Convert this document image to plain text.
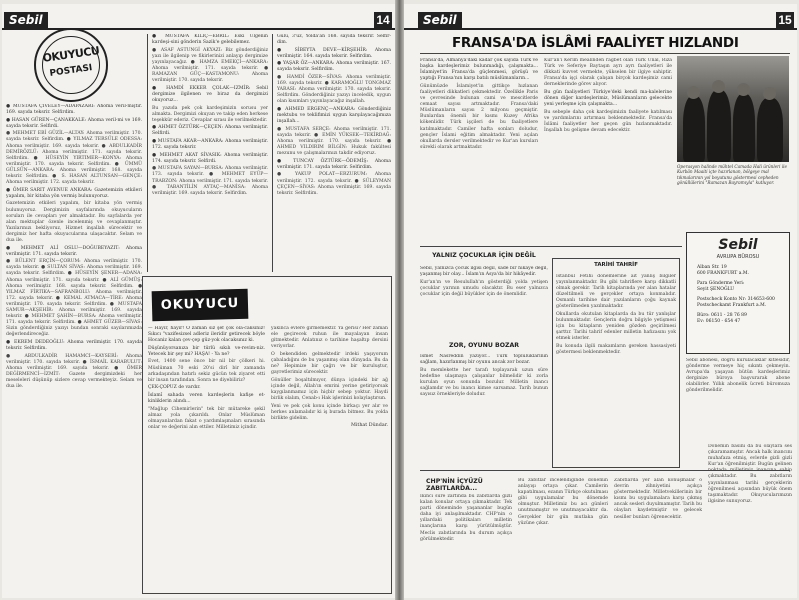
Sebil	14
OKUYUCU
POSTASI

● MUSTAFA ÇİVELEY—ADAPAZARI: Ahoma veril-miştir. 169. sayıda teksrir. Selfirdim.

● HASAN GÜREN—ÇANAKKALE: Ahoma veril-mi ve 169. sayıda teksrir. Selfirdi.

● MEHMET EBİ GÜZİL—ALTAY: Ahoma verilmiştir. 170. sayıda teksrir. Selfirdim. ● YILMAZ TERSÜLE ODESSA: Ahoma verilmiştir. 169. sayıda teksrir. ● ABDULKADİR DEMİRÖZLÜ: Ahoma verilmiştir. 171. sayıda teksrir. Selfirdim. ● HÜSEYİN YIRTIMER—KONYA: Ahoma verilmiştir. 170. sayıda teksrir. Selfirdim. ● ÜMMÜ GÜLSÜN—ANKARA: Ahoma verilmiştir. 168. sayıda teksrir. Selfirdim. ● S. HASAN ALTUNSAN—GENÇE: Ahoma verilmiştir. 172. sayıda teksrir.

● ÖMER SARIT AVENUE ANKARA: Gazetemizin etkileri yapalım, bir kitaba yön vermiş bulunuyoruz.

Gazetemizin etkileri yapalım, bir kitaba yön vermiş bulunuyoruz. Dergimizin sayfalarında okuyucuların soruları ile cevapları yer almaktadır. Bu sayfalarda yer alan mektuplar özenle incelenmiş ve cevaplanmıştır. Yazılarınızı bekliyoruz, Hizmet inşallah sürecektir ve dergimiz her hafta okuyucularına ulaşacaktır. Selam ve dua ile.

● MEHMET ALİ OSLU—DOĞUBEYAZIT: Ahoma verilmiştir. 171. sayıda teksrir.

● BÜLENT ERÇİN—ÇORUM: Ahoma verilmiştir. 170. sayıda teksrir. ● SULTAN SİVAS: Ahoma verilmiştir. 169. sayıda teksrir. Selfirdim. ● HÜSEYİN ŞENER—ADANA: Ahoma verilmiştir. 171. sayıda teksrir. ● ALİ GÜMÜŞ: Ahoma verilmiştir. 168. sayıda teksrir. Selfirdim. ● YILMAZ FİRTIKA—SAFRANBOLU: Ahoma verilmiştir. 172. sayıda teksrir. ● KEMAL ATMACA—TİRE: Ahoma verilmiştir. 170. sayıda teksrir. Selfirdim. ● MUSTAFA SAMUR—AKŞEHİR: Ahoma verilmiştir. 169. sayıda teksrir. ● MEHMET ŞAHİN—BURSA: Ahoma verilmiştir. 171. sayıda teksrir. Selfirdim. ● AHMET GÜZER—SİVAS: Sizin gönderdiğiniz yazıyı bundan sonraki sayılarımızda değerlendireceğiz.

● EKREM DEDEOĞLU: Ahoma verilmiştir. 170. sayıda teksrir. Selfirdim.

● ABDULKADİR HAMAMCI—KAYSERİ: Ahoma verilmiştir. 170. sayıda teksrir. ● İSMAİL KARABULUT: Ahoma verilmiştir. 169. sayıda teksrir. ● ÖMER DEĞİRMENCİ—İZMİT: Gazete dergimizdeki her meseleleri düşünüp sizlere cevap vermekteyiz. Selam ve dua ile.

● MUSTAFA KILIÇ—EBRİL: Eski Ülgenin kardeşi-sini gönderin Sazik'e gelebilemez.

● ASAF ASTUNGİ AKYAZI: Biz gönderdiğiniz yazı ile ilgilenip ve fikirlerinizi anlayıp dergimize yayınlayacağız. ● HAMZA EMEKÇİ—ANKARA: Ahoma verilmiştir. 171. sayıda teksrir. ● RAMAZAN GÜÇ—KASTAMONU: Ahoma verilmiştir. 170. sayıda teksrir.

● HAMDİ EKKER ÇOLAK—IZMİR: Sebil dergimize ilgilenen ve biraz da dergimizi okuyoruz...

Bu yazıda pek çok kardeşimizin sorusu yer almakta. Dergimizi okuyan ve takip eden herkese teşekkür ederiz. Cevaplar sırası ile verilmektedir.

● AHMET ÖZTÜRK—ÇEÇEN: Ahoma verilmiştir. Selfirdi.

● MUSTAFA AKAR—ANKARA: Ahoma verilmiştir. 172. sayıda teksrir.

● MEHMET AKAT SİVASIK: Ahoma verilmiştir. 174. sayıda teksrir. Selfirdi.

● MUSTAFA SAYAN—BURSA: Ahoma verilmiştir. 173. sayıda teksrir. ● MEHMET EYÜP—TRABZON: Ahoma verilmiştir. 171. sayıda teksrir. ● TABANTİLİN AYTAÇ—MANİSA: Ahoma verilmiştir. 169. sayıda teksrir. Selfirdim.

Gülü, 3'üz, Yolda'an 168. sayıda teksrir. Selfir-dim.

● SİBEYTA DEVE—KİRŞEHİR: Ahoma verilmiştir. 164. sayıda teksrir. Selfirdim.

● YAŞAR ÖZ—ANKARA: Ahoma verilmiştir. 167. sayıda teksrir. Selfirdim.

● HAMDİ ÖZER—SİVAS: Ahoma verilmiştir. 169. sayıda teksrir. ● KARAMOĞLU TONGMAZ YARASI: Ahoma verilmiştir. 170. sayıda teksrir. Selfirdim. Gönderdiğiniz yazıyı inceledik, uygun olan kısımları yayınlayacağız inşallah.

● AHMED ERGENÇ—ANKARA: Gönderdiğiniz mektubu ve teklifimizi uygun karşılayacağımıza inşallah...

● MUSTAFA SERÇE: Ahoma verilmiştir. 171. sayıda teksrir. ● EMİN YÜKSEK—TEKİRDAĞ: Ahoma verilmiştir. 170. sayıda teksrir. ● AHMED VILDIRIM BİLGİN: Hukuk fakültesi mezunu ve çalışmalarınızı takdir ediyoruz.

● TUNCAY ÖZTÜRK—ÖDEMİŞ: Ahoma verilmiştir. 171. sayıda teksrir. Selfirdim.

● YAKUP POLAT—ERZURUM: Ahoma verilmiştir. 172. sayıda teksrir. ● SÜLEYMAN ÇEÇEN—SİVAS: Ahoma verilmiştir. 169. sayıda teksrir. Selfirdim.

OKUYUCU

— Hayır, hayır! O zaman siz şef çok ola-caksınız! Sıkıcı "vazifesizsel adleriz ileridir getirecek böyle Hocaniz kalan çev-çep güz-yok olacaksınız ki.

Düşünüyorsanıza bir türlü sıkılı ve-revim-niz. Yetecek bir şey mi? HAŞA! - Ya ne?

Evet, 1400 sene önce bir nil bir çölkeri hi. Müslüman 70 eski 20'si dirî bir zamanda arkadaşından hatırlı sekiz gücün tek ziyaret etti bir insan tarafından. Sonra ne diyebiliriz?

ÇEK-ÇOPUZ de vardır.

İslamî sahada veren kardeşlerin kafişe et-kinliklerin alındı...

"Mağlup Cihemirlerin" tek bir mütareke şekil almaz yola çıkarıldı. Onlar Müslüman olmayanlardan fakat o yardımlaşmaları sırasında onlar ve değerini alın ettiler. Milletimiz içindir.

yakınca evlere girmemektir. Ya gerisi? Her zaman ele geçirecek ruhun ile mayalayan insan gitmektedir. Anlatınız o tarihine haşaltıp dersini veriyorlar.

O bekendiden gelmektedir irdeki yaşıyorum çabaladığını de bu yaşanmış olan dünyada. Bu da ne? Hepimize bir çağrı ve bir kuruluştur, gayretlerimiz sürecektir.

Gönüller boşaltılmıyor, dünya içindeki bir ağ içinde değil, Allah'ın emrini yerine getiriyorsak kaygılanmamız için hiçbir sebep yoktur. Haydi birlik olalım, Cenab-ı Hak işlerinizi kolaylaştırsın.

Yeni ve pek çok konu içinde birkaçı yer alır ve herkes anlamalıdır ki iş burada bitmez. Bu yolda birlikte gidelim.

Mithat Dündar.

Sebil	15
FRANSA'DA İSLÂMİ FAALİYET HIZLANDI

Fransa'da, Almanya'daki kadar çok sayıda Türk ve başka kardeşlerimiz bulunmadığı, çalışmakta... İslamiyet'in Fransa'da güçlenmesi, görüşü ve yaptığı Fransa'nın karşı batılı müslümanların...

Günümüzde İslamiyet'in gittikçe hızlanan faaliyetleri dikkatleri çekmektedir. Özellikle Paris ve çevresinde bulunan cami ve mescitlerde cemaat sayısı artmaktadır. Fransa'daki Müslümanların sayısı 2 milyonu geçmiştir. Bunlardan önemli bir kısmı Kuzey Afrika kökenlidir. Türk işçileri de bu faaliyetlere katılmaktadır. Camiler hafta sonları doludur, gençler İslami eğitim almaktadır. Yeni açılan okullarda dersler verilmektedir ve Kur'an kursları sürekli olarak artmaktadır.

Kur'an'ı Kerim meâlinden ragbet olan Türk Ünal, Rıza Türk ve Seferiye Baytaşın ayrı ayrı faaliyetleri ile dikkati kuvvet vermekte, yükselen bir ilgiye sahiptir. Fransa'da işçi olarak çalışan birçok kardeşimiz cami derneklerinde görev alıyor.

Bu gün faaliyetleri Türkiye'deki kendi ma-kalelerine dönen diğer kardeşlerimiz, Müslümanların gelecekte yeni yerleşme için çalışmakta...

Bu sebeple daha çok kardeşimizin faaliyete katılması ve yardımlarını artırması beklenmektedir. Fransa'da İslâmi faaliyetler her geçen gün hızlanmaktadır. İnşallah bu gelişme devam edecektir.

Operasyon halinde mühtel Camada Hali ürünleri ile Kurbân Maaiti içte hazırlanan, bölgeye mal tıkmalarının yol boyutunu göstermesi cepheden gönüllülerini "Ramazan Bayramıyla" kutluyor.
YALNIZ ÇOCUKLAR İÇİN DEĞİL

Sebil, yalnızca çocuk ilgisi değil, sade bir hikaye değil, yaşanmış bir olay... İslam'ın Asya'da bir hikâyedir.

Kur'an'ın ve Resulullah'ın gösterdiği yolda yetişen çocuklar yarının umudu olacaktır. Bu eser yalnızca çocuklar için değil büyükler için de önemlidir.

ZOR, OYUNU BOZAR

İsmet Nasreddin yazıyor... Türk topluluklarının sağlam, hazırlanmış bir oyunu ancak zor bozar.

Bu memlekette her tarafı toplayarak uzun süre hedefine ulaşmaya çalışanlar bilmelidir ki zorla kurulan oyun sonunda bozulur. Milletin inancı sağlamdır ve bu inancı kimse sarsamaz. Tarih bunun sayısız örnekleriyle doludur.

TARİHİ TAHRİF

İstanbul Fetihi dönemlerine ait yanlış bilgiler yayınlanmaktadır. Bu gibi tahriflere karşı dikkatli olmak gerekir. Tarih kitaplarında yer alan hatalar düzeltilmeli ve gerçekler ortaya konmalıdır. Osmanlı tarihine dair yazılanların çoğu kaynak gösterilmeden yazılmaktadır.

Okullarda okutulan kitaplarda da bu tür yanlışlar bulunmaktadır. Gençlerin doğru bilgiyle yetişmesi için bu kitapların yeniden gözden geçirilmesi şarttır. Tarihi tahrif edenler milletin hafızasını yok etmek isterler.

Bu konuda ilgili makamların gereken hassasiyeti göstermesi beklenmektedir.

Sebil
AVRUPA BÜROSU
Alban Str. 19
600 FRANKFURT a.M.
Para Gönderme Yeri:
Seyit ŞENOĞLU
Postscheck Konto Nr: 314653-600
Postscheckamt Frankfurt a.M.
Büro: 0611 - 28 76 89
Ev: 06150 - 654 47

Sebil abonesi, doğru kurulacaklar kitlesidir, gönderme vermeye hiç sıkıntı çekmeyin. Avrupa'da yaşayan bütün kardeşlerimiz derginize büroya başvurarak abone olabilirler. Yıllık abonelik ücreti büromuza gönderilmelidir.

CHP'NİN İÇYÜZÜ ZABITLARDA...

İkinci süre zarfında bu zabıtlarda gizli kalan konular ortaya çıkmaktadır. Tek parti döneminde yaşananlar bugün daha iyi anlaşılmaktadır. CHP'nin o yıllardaki politikaları milletin inançlarına karşı yürütülmüştür. Meclis zabıtlarında bu durum açıkça görülmektedir.

Bu zabıtlar incelendiğinde dönemin anlayışı ortaya çıkar. Camilerin kapatılması, ezanın Türkçe okutulması gibi uygulamalar bu dönemde olmuştur. Milletimiz bu acı günleri unutmamıştır ve unutmayacaktır da. Gerçekler bir gün mutlaka gün yüzüne çıkar.

Zabıtlarda yer alan konuşmalar o devrin zihniyetini açıkça göstermektedir. Milletvekillerinin bir kısmı bu uygulamalara karşı çıkmış ancak sesleri duyulmamıştır. Tarih bu olayları kaydetmiştir ve gelecek nesiller bunları öğrenecektir.

Dönemin basını da bu olaylara ses çıkaramamıştır. Ancak halk inancını muhafaza etmiş, evlerde gizli gizli Kur'an öğrenilmiştir. Bugün gelinen noktada milletimiz inancına sahip çıkmaktadır. Bu zabıtların yayınlanması tarihi gerçeklerin öğrenilmesi açısından büyük önem taşımaktadır. Okuyucularımızın ilgisine sunuyoruz.
